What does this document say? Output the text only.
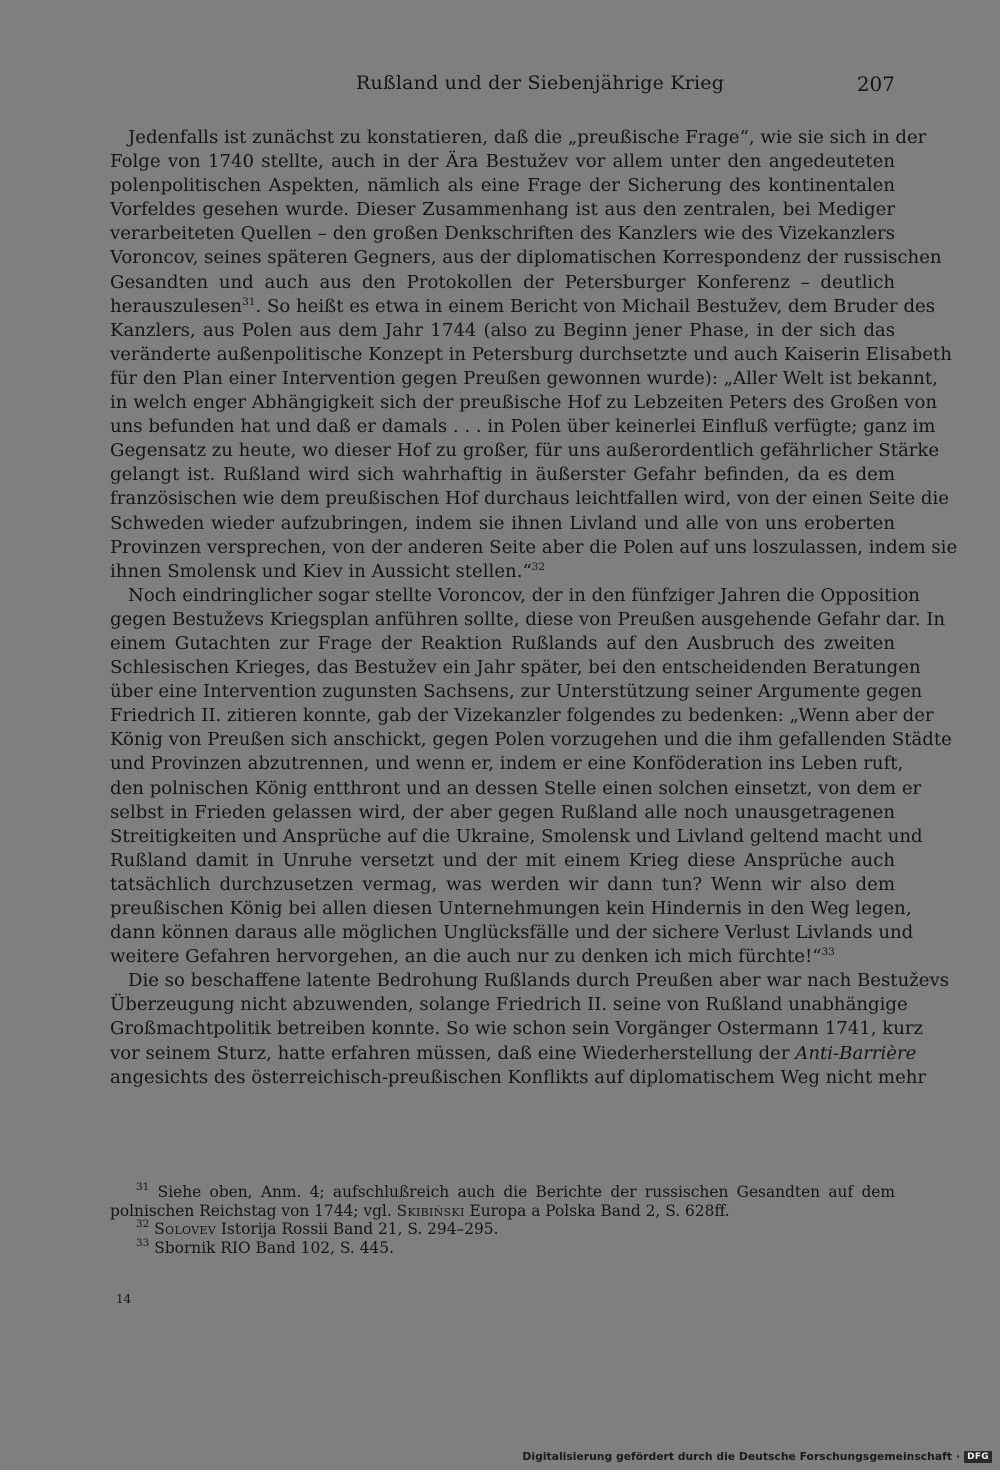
Rußland und der Siebenjährige Krieg	207
Jedenfalls ist zunächst zu konstatieren, daß die „preußische Frage“, wie sie sich in der
Folge von 1740 stellte, auch in der Ära Bestužev vor allem unter den angedeuteten
polenpolitischen Aspekten, nämlich als eine Frage der Sicherung des kontinentalen
Vorfeldes gesehen wurde. Dieser Zusammenhang ist aus den zentralen, bei Mediger
verarbeiteten Quellen – den großen Denkschriften des Kanzlers wie des Vizekanzlers
Voroncov, seines späteren Gegners, aus der diplomatischen Korrespondenz der russischen
Gesandten und auch aus den Protokollen der Petersburger Konferenz – deutlich
herauszulesen$^{31}$. So heißt es etwa in einem Bericht von Michail Bestužev, dem Bruder des
Kanzlers, aus Polen aus dem Jahr 1744 (also zu Beginn jener Phase, in der sich das
veränderte außenpolitische Konzept in Petersburg durchsetzte und auch Kaiserin Elisabeth
für den Plan einer Intervention gegen Preußen gewonnen wurde): „Aller Welt ist bekannt,
in welch enger Abhängigkeit sich der preußische Hof zu Lebzeiten Peters des Großen von
uns befunden hat und daß er damals . . . in Polen über keinerlei Einfluß verfügte; ganz im
Gegensatz zu heute, wo dieser Hof zu großer, für uns außerordentlich gefährlicher Stärke
gelangt ist. Rußland wird sich wahrhaftig in äußerster Gefahr befinden, da es dem
französischen wie dem preußischen Hof durchaus leichtfallen wird, von der einen Seite die
Schweden wieder aufzubringen, indem sie ihnen Livland und alle von uns eroberten
Provinzen versprechen, von der anderen Seite aber die Polen auf uns loszulassen, indem sie
ihnen Smolensk und Kiev in Aussicht stellen.“$^{32}$
Noch eindringlicher sogar stellte Voroncov, der in den fünfziger Jahren die Opposition
gegen Bestuževs Kriegsplan anführen sollte, diese von Preußen ausgehende Gefahr dar. In
einem Gutachten zur Frage der Reaktion Rußlands auf den Ausbruch des zweiten
Schlesischen Krieges, das Bestužev ein Jahr später, bei den entscheidenden Beratungen
über eine Intervention zugunsten Sachsens, zur Unterstützung seiner Argumente gegen
Friedrich II. zitieren konnte, gab der Vizekanzler folgendes zu bedenken: „Wenn aber der
König von Preußen sich anschickt, gegen Polen vorzugehen und die ihm gefallenden Städte
und Provinzen abzutrennen, und wenn er, indem er eine Konföderation ins Leben ruft,
den polnischen König entthront und an dessen Stelle einen solchen einsetzt, von dem er
selbst in Frieden gelassen wird, der aber gegen Rußland alle noch unausgetragenen
Streitigkeiten und Ansprüche auf die Ukraine, Smolensk und Livland geltend macht und
Rußland damit in Unruhe versetzt und der mit einem Krieg diese Ansprüche auch
tatsächlich durchzusetzen vermag, was werden wir dann tun? Wenn wir also dem
preußischen König bei allen diesen Unternehmungen kein Hindernis in den Weg legen,
dann können daraus alle möglichen Unglücksfälle und der sichere Verlust Livlands und
weitere Gefahren hervorgehen, an die auch nur zu denken ich mich fürchte!“$^{33}$
Die so beschaffene latente Bedrohung Rußlands durch Preußen aber war nach Bestuževs
Überzeugung nicht abzuwenden, solange Friedrich II. seine von Rußland unabhängige
Großmachtpolitik betreiben konnte. So wie schon sein Vorgänger Ostermann 1741, kurz
vor seinem Sturz, hatte erfahren müssen, daß eine Wiederherstellung der Anti-Barrière
angesichts des österreichisch-preußischen Konflikts auf diplomatischem Weg nicht mehr
$^{31}$ Siehe oben, Anm. 4; aufschlußreich auch die Berichte der russischen Gesandten auf dem
polnischen Reichstag von 1744; vgl. Skibiński Europa a Polska Band 2, S. 628ff.
$^{32}$ Solovev Istorija Rossii Band 21, S. 294–295.
$^{33}$ Sbornik RIO Band 102, S. 445.
14
Digitalisierung gefördert durch die Deutsche Forschungsgemeinschaft · DFG
